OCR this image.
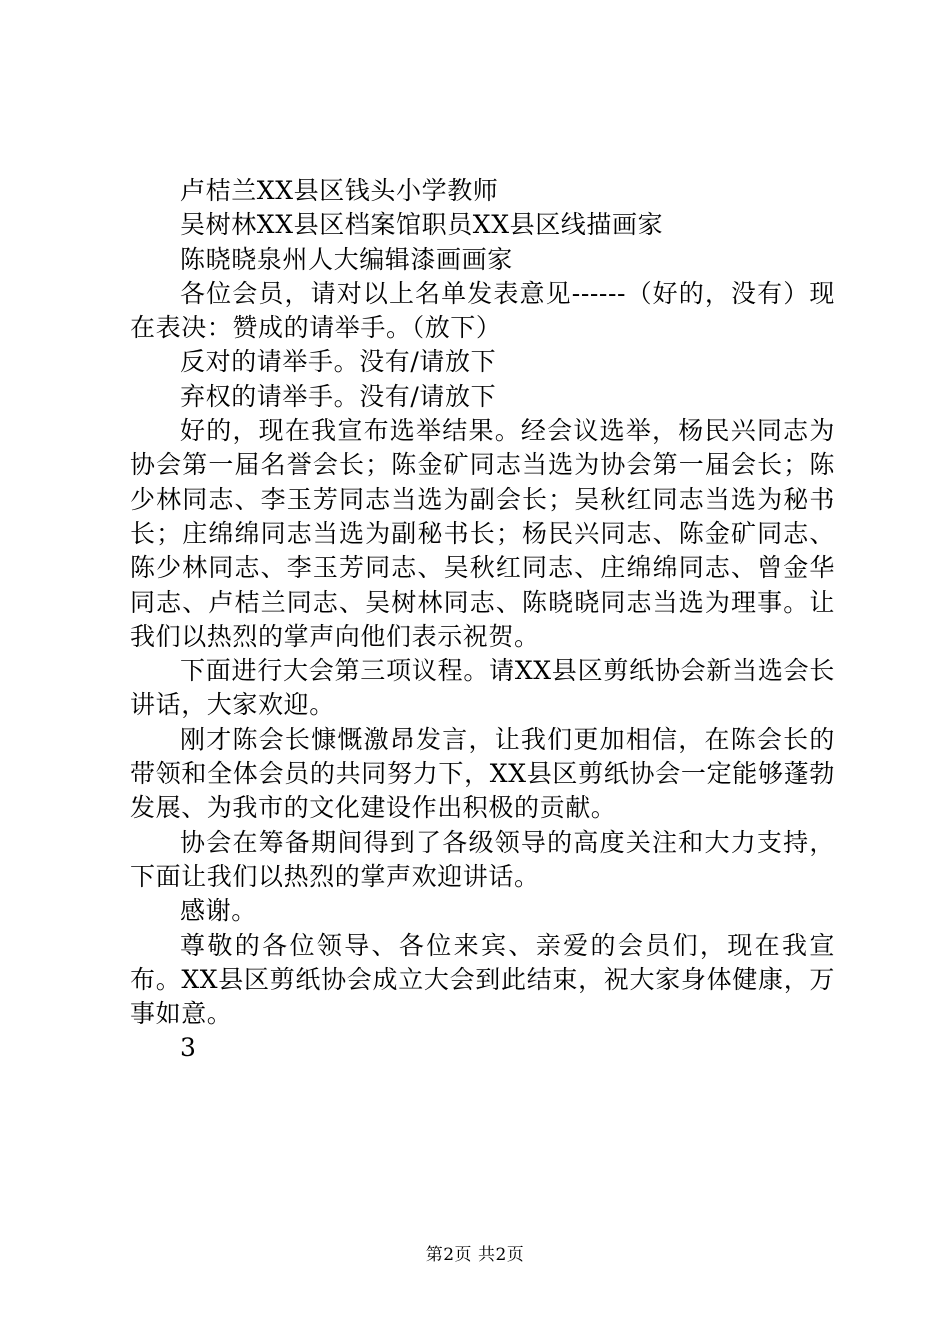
卢桔兰XX县区钱头小学教师

吴树林XX县区档案馆职员XX县区线描画家

陈晓晓泉州人大编辑漆画画家

各位会员，请对以上名单发表意见------（好的，没有）现在表决：赞成的请举手。（放下）

反对的请举手。没有/请放下

弃权的请举手。没有/请放下

好的，现在我宣布选举结果。经会议选举，杨民兴同志为协会第一届名誉会长；陈金矿同志当选为协会第一届会长；陈少林同志、李玉芳同志当选为副会长；吴秋红同志当选为秘书长；庄绵绵同志当选为副秘书长；杨民兴同志、陈金矿同志、陈少林同志、李玉芳同志、吴秋红同志、庄绵绵同志、曾金华同志、卢桔兰同志、吴树林同志、陈晓晓同志当选为理事。让我们以热烈的掌声向他们表示祝贺。

下面进行大会第三项议程。请XX县区剪纸协会新当选会长讲话，大家欢迎。

刚才陈会长慷慨激昂发言，让我们更加相信，在陈会长的带领和全体会员的共同努力下，XX县区剪纸协会一定能够蓬勃发展、为我市的文化建设作出积极的贡献。

协会在筹备期间得到了各级领导的高度关注和大力支持，下面让我们以热烈的掌声欢迎讲话。

感谢。

尊敬的各位领导、各位来宾、亲爱的会员们，现在我宣布。XX县区剪纸协会成立大会到此结束，祝大家身体健康，万事如意。

3

第2页 共2页
